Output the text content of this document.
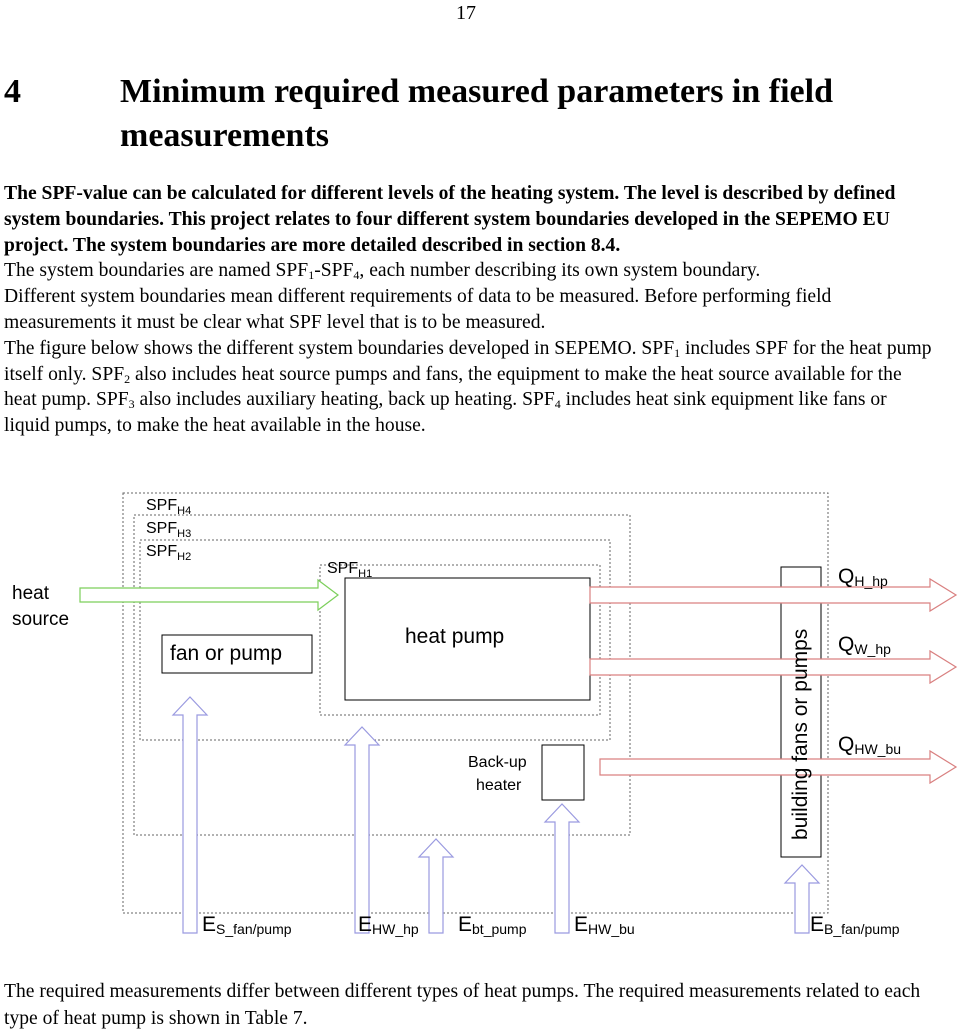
17
4	Minimum required measured parameters in field measurements

The SPF-value can be calculated for different levels of the heating system. The level is described by defined system boundaries. This project relates to four different system boundaries developed in the SEPEMO EU project. The system boundaries are more detailed described in section 8.4.

The system boundaries are named $SPF_1-SPF_4$, each number describing its own system boundary.

Different system boundaries mean different requirements of data to be measured. Before performing field measurements it must be clear what SPF level that is to be measured.

The figure below shows the different system boundaries developed in SEPEMO. $SPF_1$ includes SPF for the heat pump itself only. $SPF_2$ also includes heat source pumps and fans, the equipment to make the heat source available for the heat pump. $SPF_3$ also includes auxiliary heating, back up heating. $SPF_4$ includes heat sink equipment like fans or liquid pumps, to make the heat available in the house.

$SPF_{H4}$
$SPF_{H3}$
$SPF_{H2}$
$SPF_{H1}$
heat
source
fan or pump
heat pump
Back-up
heater	building fans or pumps
QH_hp
QW_hp
QHW_bu
ES_fan/pump	EHW_hp Ebt_pump EHW_bu	EB_fan/pump
The required measurements differ between different types of heat pumps. The required measurements related to each type of heat pump is shown in Table 7.
